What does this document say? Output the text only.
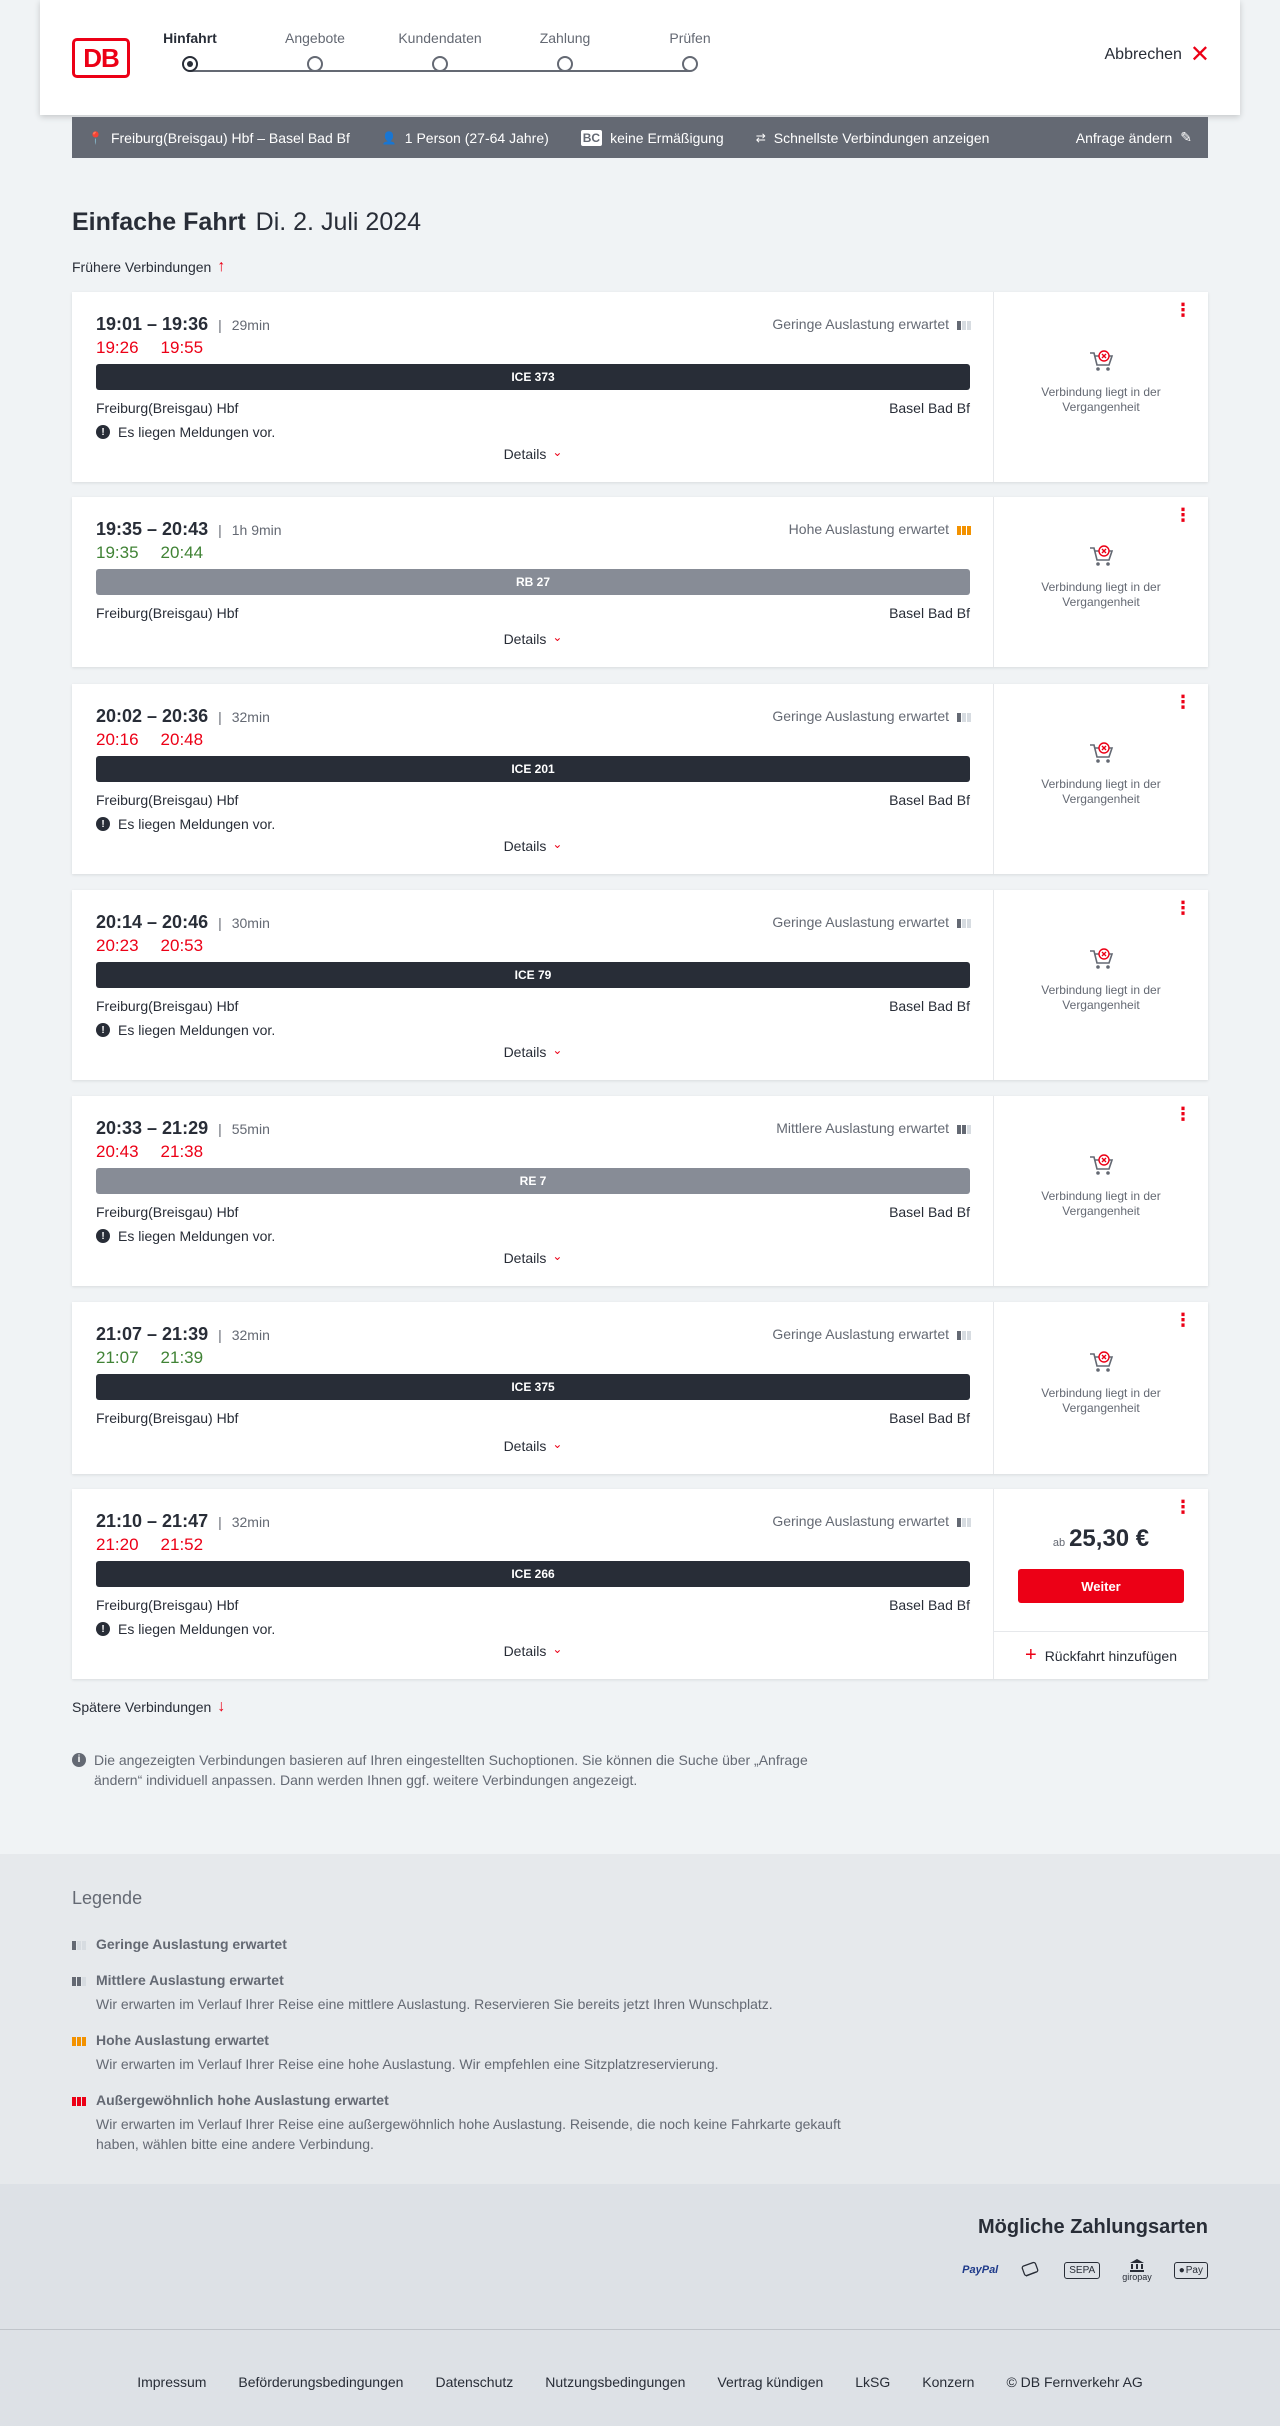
DB
Hinfahrt	Angebote	Kundendaten	Zahlung	Prüfen
Abbrechen ✕
📍 Freiburg(Breisgau) Hbf – Basel Bad Bf	👤 1 Person (27-64 Jahre)	BC keine Ermäßigung	⇄ Schnellste Verbindungen anzeigen	Anfrage ändern ✎
Einfache Fahrt Di. 2. Juli 2024
Frühere Verbindungen ↑
19:01 – 19:36 | 29min
19:26 19:55
Geringe Auslastung erwartet
ICE 373
Freiburg(Breisgau) Hbf	Basel Bad Bf
! Es liegen Meldungen vor.
Details ⌄
⋮
Verbindung liegt in der Vergangenheit
19:35 – 20:43 | 1h 9min
19:35 20:44
Hohe Auslastung erwartet
RB 27
Freiburg(Breisgau) Hbf	Basel Bad Bf
Details ⌄
⋮
Verbindung liegt in der Vergangenheit
20:02 – 20:36 | 32min
20:16 20:48
Geringe Auslastung erwartet
ICE 201
Freiburg(Breisgau) Hbf	Basel Bad Bf
! Es liegen Meldungen vor.
Details ⌄
⋮
Verbindung liegt in der Vergangenheit
20:14 – 20:46 | 30min
20:23 20:53
Geringe Auslastung erwartet
ICE 79
Freiburg(Breisgau) Hbf	Basel Bad Bf
! Es liegen Meldungen vor.
Details ⌄
⋮
Verbindung liegt in der Vergangenheit
20:33 – 21:29 | 55min
20:43 21:38
Mittlere Auslastung erwartet
RE 7
Freiburg(Breisgau) Hbf	Basel Bad Bf
! Es liegen Meldungen vor.
Details ⌄
⋮
Verbindung liegt in der Vergangenheit
21:07 – 21:39 | 32min
21:07 21:39
Geringe Auslastung erwartet
ICE 375
Freiburg(Breisgau) Hbf	Basel Bad Bf
Details ⌄
⋮
Verbindung liegt in der Vergangenheit
21:10 – 21:47 | 32min
21:20 21:52
Geringe Auslastung erwartet
ICE 266
Freiburg(Breisgau) Hbf	Basel Bad Bf
! Es liegen Meldungen vor.
Details ⌄
⋮
ab 25,30 €
Weiter
+ Rückfahrt hinzufügen
Spätere Verbindungen ↓
i Die angezeigten Verbindungen basieren auf Ihren eingestellten Suchoptionen. Sie können die Suche über „Anfrage ändern“ individuell anpassen. Dann werden Ihnen ggf. weitere Verbindungen angezeigt.
Legende
Geringe Auslastung erwartet
Mittlere Auslastung erwartet
Wir erwarten im Verlauf Ihrer Reise eine mittlere Auslastung. Reservieren Sie bereits jetzt Ihren Wunschplatz.
Hohe Auslastung erwartet
Wir erwarten im Verlauf Ihrer Reise eine hohe Auslastung. Wir empfehlen eine Sitzplatzreservierung.
Außergewöhnlich hohe Auslastung erwartet
Wir erwarten im Verlauf Ihrer Reise eine außergewöhnlich hohe Auslastung. Reisende, die noch keine Fahrkarte gekauft haben, wählen bitte eine andere Verbindung.
Mögliche Zahlungsarten
PayPal	SEPA
giropay
● Pay
Impressum Beförderungsbedingungen Datenschutz Nutzungsbedingungen Vertrag kündigen LkSG Konzern © DB Fernverkehr AG
